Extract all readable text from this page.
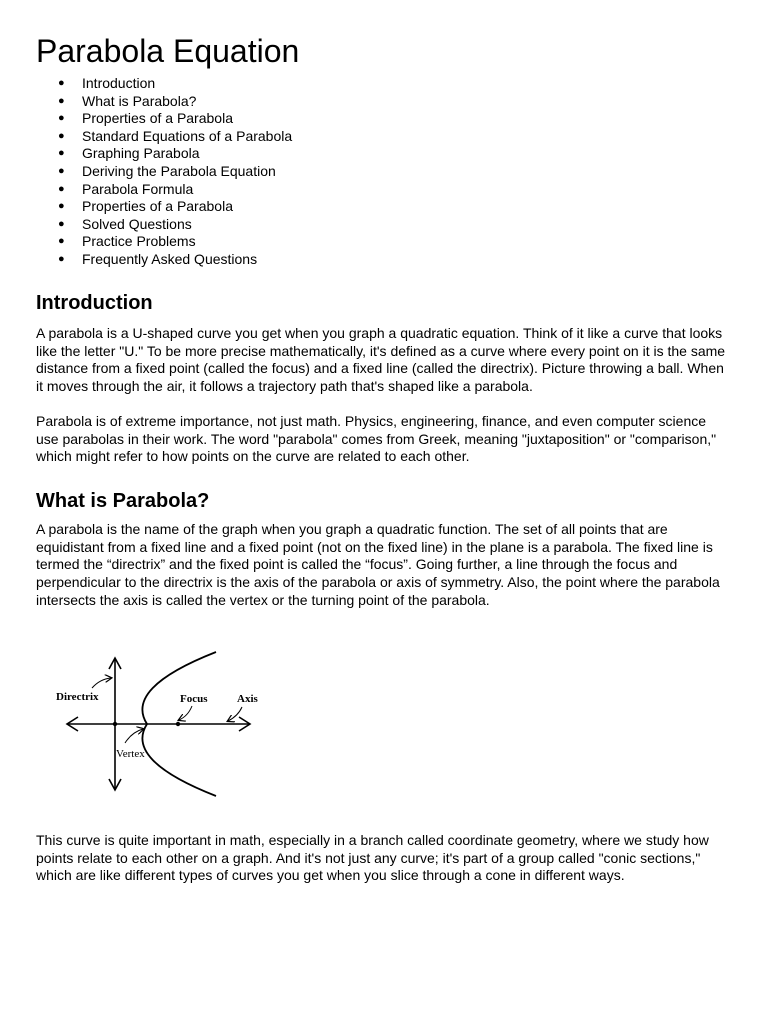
Parabola Equation
● Introduction
● What is Parabola?
● Properties of a Parabola
● Standard Equations of a Parabola
● Graphing Parabola
● Deriving the Parabola Equation
● Parabola Formula
● Properties of a Parabola
● Solved Questions
● Practice Problems
● Frequently Asked Questions
Introduction

A parabola is a U-shaped curve you get when you graph a quadratic equation. Think of it like a curve that looks like the letter "U." To be more precise mathematically, it's defined as a curve where every point on it is the same distance from a fixed point (called the focus) and a fixed line (called the directrix). Picture throwing a ball. When it moves through the air, it follows a trajectory path that's shaped like a parabola.

Parabola is of extreme importance, not just math. Physics, engineering, finance, and even computer science use parabolas in their work. The word "parabola" comes from Greek, meaning "juxtaposition" or "comparison," which might refer to how points on the curve are related to each other.

What is Parabola?

A parabola is the name of the graph when you graph a quadratic function. The set of all points that are equidistant from a fixed line and a fixed point (not on the fixed line) in the plane is a parabola. The fixed line is termed the “directrix” and the fixed point is called the “focus”. Going further, a line through the focus and perpendicular to the directrix is the axis of the parabola or axis of symmetry. Also, the point where the parabola intersects the axis is called the vertex or the turning point of the parabola.

This curve is quite important in math, especially in a branch called coordinate geometry, where we study how points relate to each other on a graph. And it's not just any curve; it's part of a group called "conic sections," which are like different types of curves you get when you slice through a cone in different ways.

Directrix	Focus	Axis
Vertex
